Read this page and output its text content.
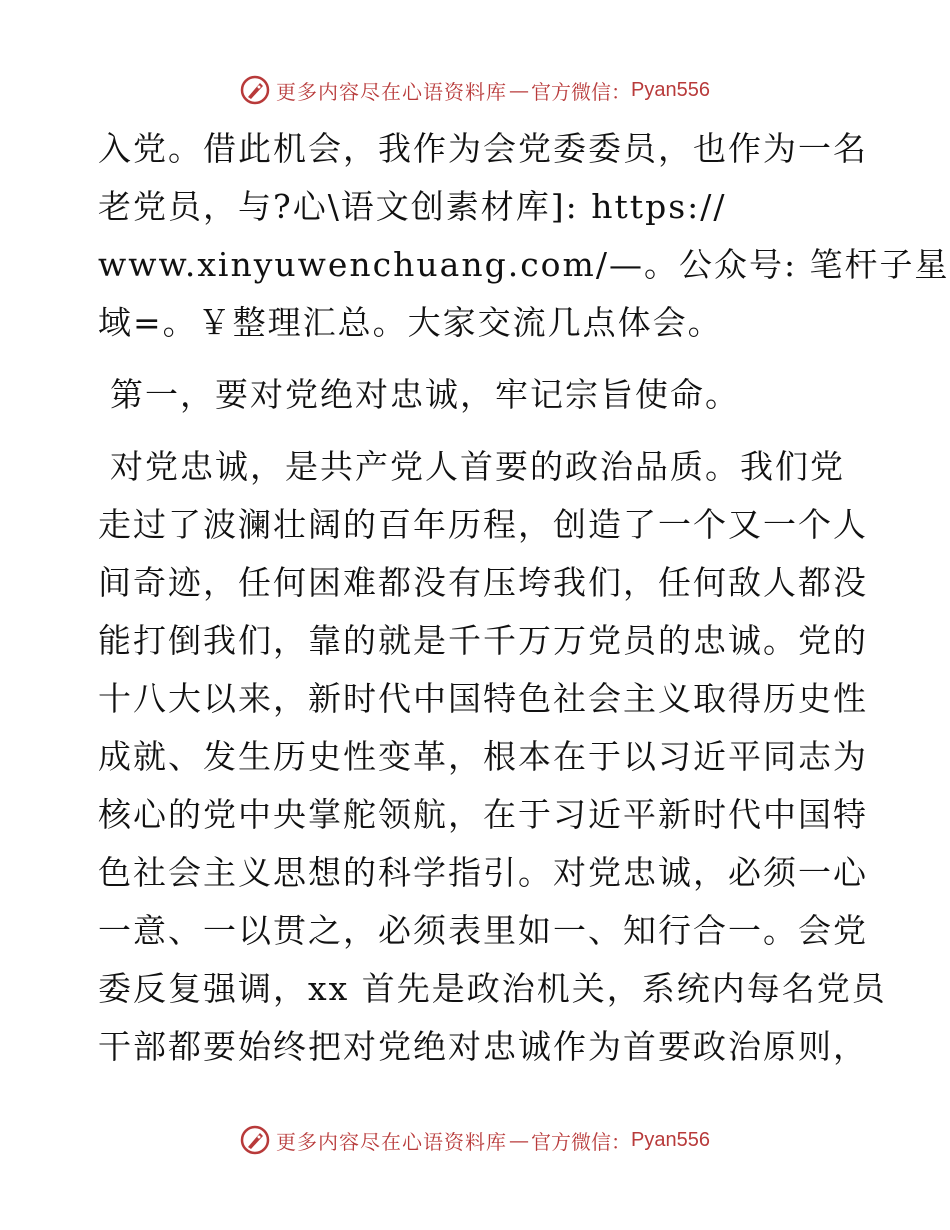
更多内容尽在心语资料库 — 官方微信： Pyan556
入党。借此机会，我作为会党委委员，也作为一名
老党员，与?心\语文创素材库]: https://
www.xinyuwenchuang.com/—。公众号: 笔杆子星
域=。￥整理汇总。大家交流几点体会。
第一，要对党绝对忠诚，牢记宗旨使命。
对党忠诚，是共产党人首要的政治品质。我们党
走过了波澜壮阔的百年历程，创造了一个又一个人
间奇迹，任何困难都没有压垮我们，任何敌人都没
能打倒我们，靠的就是千千万万党员的忠诚。党的
十八大以来，新时代中国特色社会主义取得历史性
成就、发生历史性变革，根本在于以习近平同志为
核心的党中央掌舵领航，在于习近平新时代中国特
色社会主义思想的科学指引。对党忠诚，必须一心
一意、一以贯之，必须表里如一、知行合一。会党
委反复强调，xx 首先是政治机关，系统内每名党员
干部都要始终把对党绝对忠诚作为首要政治原则，
更多内容尽在心语资料库 — 官方微信： Pyan556
